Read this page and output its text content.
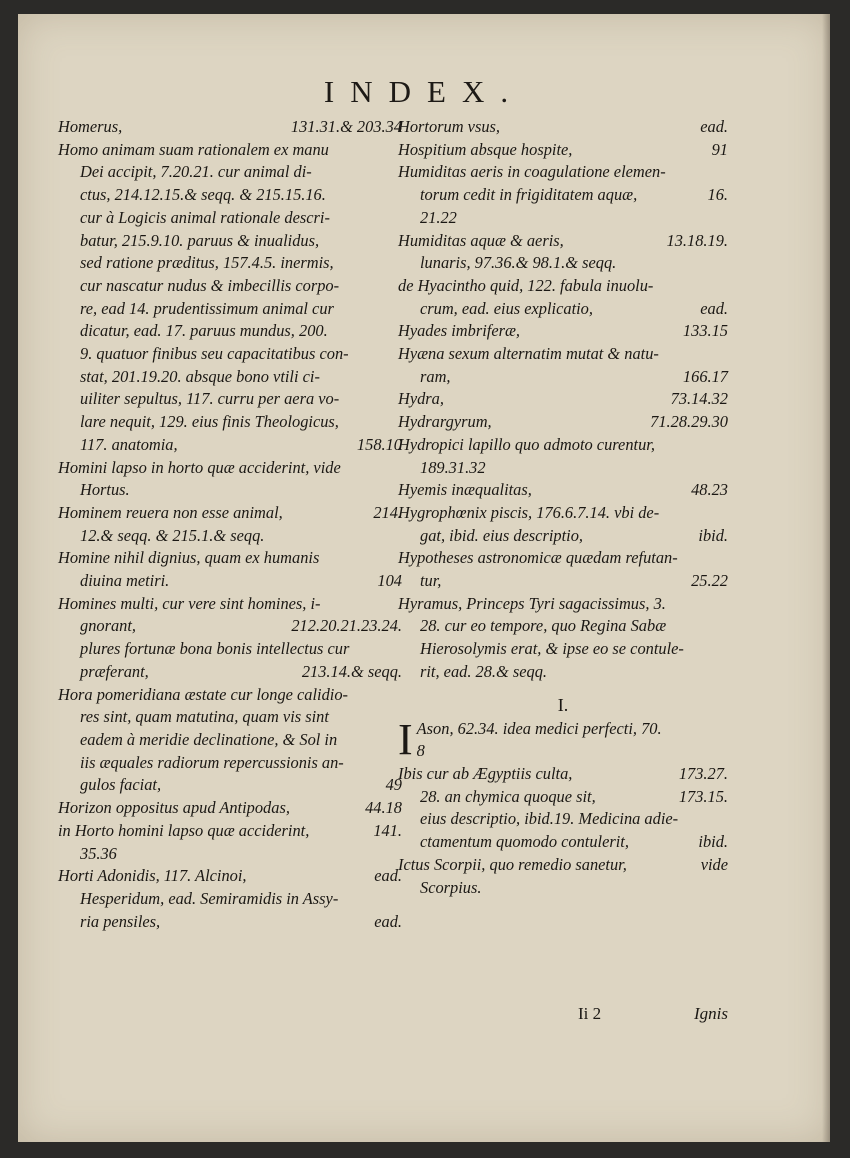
INDEX.
Homerus,	131.31.& 203.34
Homo animam suam rationalem ex manu
Dei accipit, 7.20.21. cur animal di-
ctus, 214.12.15.& seqq. & 215.15.16.
cur à Logicis animal rationale descri-
batur, 215.9.10. paruus & inualidus,
sed ratione præditus, 157.4.5. inermis,
cur nascatur nudus & imbecillis corpo-
re, ead 14. prudentissimum animal cur
dicatur, ead. 17. paruus mundus, 200.
9. quatuor finibus seu capacitatibus con-
stat, 201.19.20. absque bono vtili ci-
uiliter sepultus, 117. curru per aera vo-
lare nequit, 129. eius finis Theologicus,
117. anatomia,	158.10
Homini lapso in horto quæ acciderint, vide
Hortus.
Hominem reuera non esse animal,	214.
12.& seqq. & 215.1.& seqq.
Homine nihil dignius, quam ex humanis
diuina metiri.	104
Homines multi, cur vere sint homines, i-
gnorant,	212.20.21.23.24.
plures fortunæ bona bonis intellectus cur
præferant,	213.14.& seqq.
Hora pomeridiana æstate cur longe calidio-
res sint, quam matutina, quam vis sint
eadem à meridie declinatione, & Sol in
iis æquales radiorum repercussionis an-
gulos faciat,	49
Horizon oppositus apud Antipodas,	44.18
in Horto homini lapso quæ acciderint,	141.
35.36
Horti Adonidis, 117. Alcinoi,	ead.
Hesperidum, ead. Semiramidis in Assy-
ria pensiles,	ead.
Hortorum vsus,	ead.
Hospitium absque hospite,	91
Humiditas aeris in coagulatione elemen-
torum cedit in frigiditatem aquæ,	16.
21.22
Humiditas aquæ & aeris,	13.18.19.
lunaris, 97.36.& 98.1.& seqq.
de Hyacintho quid, 122. fabula inuolu-
crum, ead. eius explicatio,	ead.
Hyades imbriferæ,	133.15
Hyæna sexum alternatim mutat & natu-
ram,	166.17
Hydra,	73.14.32
Hydrargyrum,	71.28.29.30
Hydropici lapillo quo admoto curentur,
189.31.32
Hyemis inæqualitas,	48.23
Hygrophœnix piscis, 176.6.7.14. vbi de-
gat, ibid. eius descriptio,	ibid.
Hypotheses astronomicæ quædam refutan-
tur,	25.22
Hyramus, Princeps Tyri sagacissimus, 3.
28. cur eo tempore, quo Regina Sabæ
Hierosolymis erat, & ipse eo se contule-
rit, ead. 28.& seqq.
I.
I Ason, 62.34. idea medici perfecti, 70.
8
Ibis cur ab Ægyptiis culta,	173.27.
28. an chymica quoque sit,	173.15.
eius descriptio, ibid.19. Medicina adie-
ctamentum quomodo contulerit,	ibid.
Ictus Scorpii, quo remedio sanetur,	vide
Scorpius.
Ii 2	Ignis
